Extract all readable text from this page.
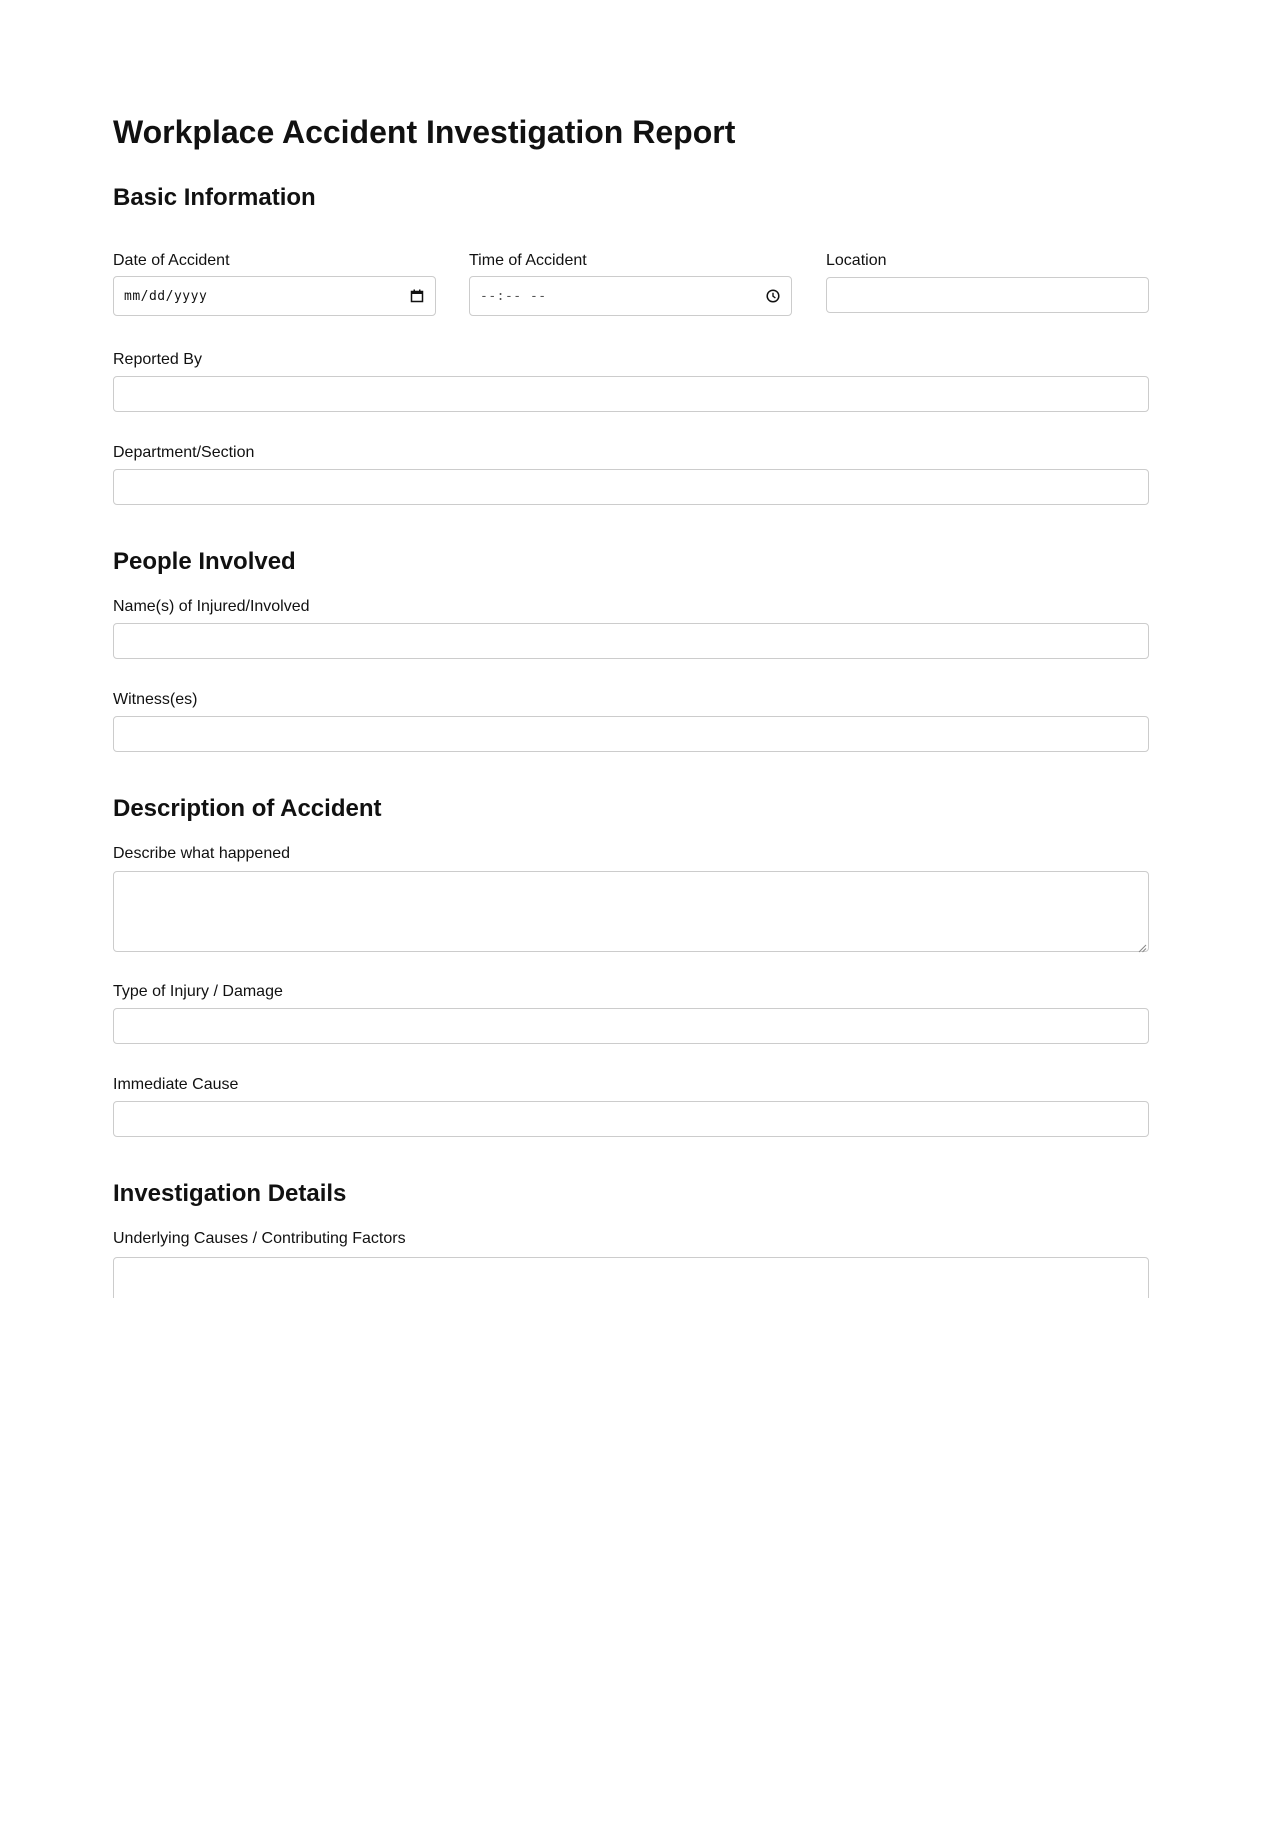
Workplace Accident Investigation Report
Basic Information
Date of Accident	Time of Accident	Location
mm/dd/yyyy	--:-- --
Reported By
Department/Section
People Involved
Name(s) of Injured/Involved
Witness(es)
Description of Accident
Describe what happened
Type of Injury / Damage
Immediate Cause
Investigation Details
Underlying Causes / Contributing Factors
